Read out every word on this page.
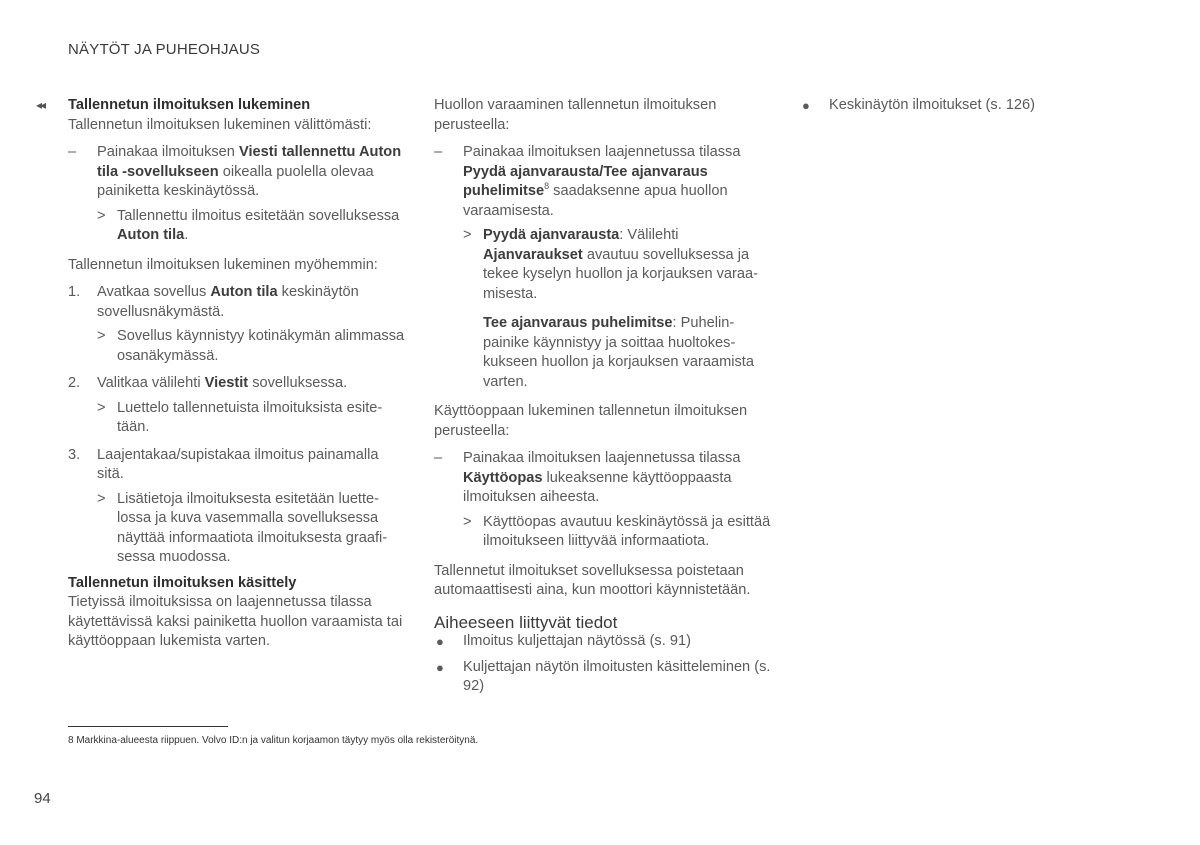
NÄYTÖT JA PUHEOHJAUS
◂◂ Tallennetun ilmoituksen lukeminen

Tallennetun ilmoituksen lukeminen välittömästi:

– Painakaa ilmoituksen Viesti tallennettu Auton tila -sovellukseen oikealla puolella olevaa painiketta keskinäytössä.
> Tallennettu ilmoitus esitetään sovelluksessa Auton tila.

Tallennetun ilmoituksen lukeminen myöhemmin:

1. Avatkaa sovellus Auton tila keskinäytön sovellusnäkymästä.
> Sovellus käynnistyy kotinäkymän alimmassa osanäkymässä.
2. Valitkaa välilehti Viestit sovelluksessa.
> Luettelo tallennetuista ilmoituksista esitetään.
3. Laajentakaa/supistakaa ilmoitus painamalla sitä.
> Lisätietoja ilmoituksesta esitetään luettelossa ja kuva vasemmalla sovelluksessa näyttää informaatiota ilmoituksesta graafisessa muodossa.

Tallennetun ilmoituksen käsittely

Tietyissä ilmoituksissa on laajennetussa tilassa käytettävissä kaksi painiketta huollon varaamista tai käyttöoppaan lukemista varten.

Huollon varaaminen tallennetun ilmoituksen perusteella:

– Painakaa ilmoituksen laajennetussa tilassa Pyydä ajanvarausta/Tee ajanvaraus puhelimitse$^8$ saadaksenne apua huollon varaamisesta.
> Pyydä ajanvarausta: Välilehti Ajanvaraukset avautuu sovelluksessa ja tekee kyselyn huollon ja korjauksen varaamisesta.

Tee ajanvaraus puhelimitse: Puhelinpainike käynnistyy ja soittaa huoltokeskukseen huollon ja korjauksen varaamista varten.

Käyttöoppaan lukeminen tallennetun ilmoituksen perusteella:

– Painakaa ilmoituksen laajennetussa tilassa Käyttöopas lukeaksenne käyttöoppaasta ilmoituksen aiheesta.
> Käyttöopas avautuu keskinäytössä ja esittää ilmoitukseen liittyvää informaatiota.

Tallennetut ilmoitukset sovelluksessa poistetaan automaattisesti aina, kun moottori käynnistetään.

Aiheeseen liittyvät tiedot

● Ilmoitus kuljettajan näytössä (s. 91)
● Kuljettajan näytön ilmoitusten käsitteleminen (s. 92)
● Keskinäytön ilmoitukset (s. 126)
8 Markkina-alueesta riippuen. Volvo ID:n ja valitun korjaamon täytyy myös olla rekisteröitynä.
94
